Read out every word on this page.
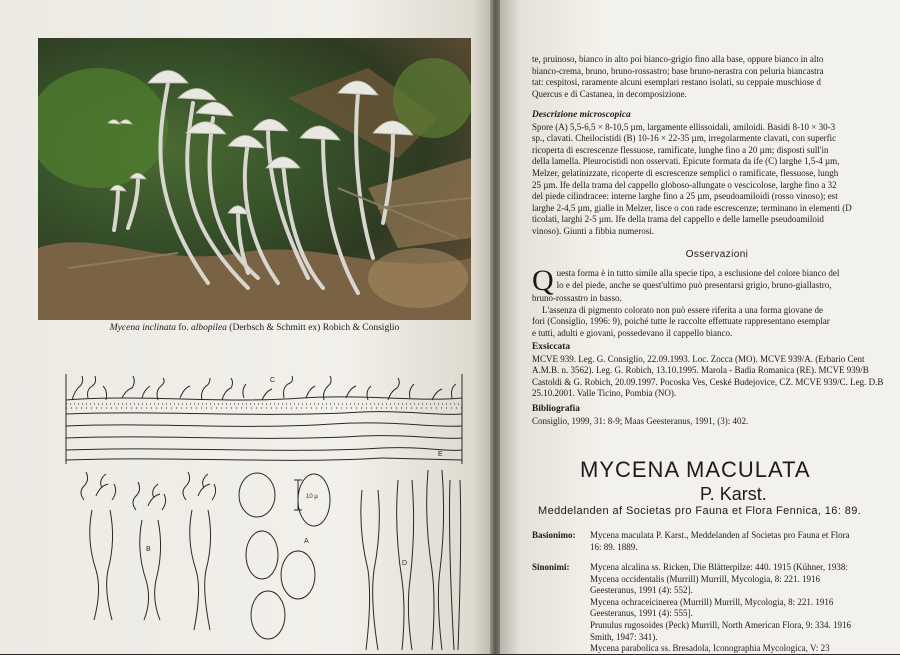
Mycena inclinata fo. albopilea (Derbsch & Schmitt ex) Robich & Consiglio
C
B
A
D
E
10 µ

te, pruinoso, bianco in alto poi bianco-grigio fino alla base, oppure bianco in alto

bianco-crema, bruno, bruno-rossastro; base bruno-nerastra con peluria biancastra

tat: cespitosi, raramente alcuni esemplari restano isolati, su ceppaie muschiose d

Quercus e di Castanea, in decomposizione.

Descrizione microscopica

Spore (A) 5,5-6,5 × 8-10,5 µm, largamente ellissoidali, amiloidi. Basidi 8-10 × 30-3

sp., clavati. Cheilocistidi (B) 10-16 × 22-35 µm, irregolarmente clavati, con superfic

ricoperta di escrescenze flessuose, ramificate, lunghe fino a 20 µm; disposti sull'in

della lamella. Pleurocistidi non osservati. Epicute formata da ife (C) larghe 1,5-4 µm,

Melzer, gelatinizzate, ricoperte di escrescenze semplici o ramificate, flessuose, lungh

25 µm. Ife della trama del cappello globoso-allungate o vescicolose, larghe fino a 32

del piede cilindracee: interne larghe fino a 25 µm, pseudoamiloidi (rosso vinoso); est

larghe 2-4,5 µm, gialle in Melzer, lisce o con rade escrescenze; terminano in elementi (D

ticolati, larghi 2-5 µm. Ife della trama del cappello e delle lamelle pseudoamiloid

vinoso). Giunti a fibbia numerosi.

Osservazioni
Q uesta forma è in tutto simile alla specie tipo, a esclusione del colore bianco del

lo e del piede, anche se quest'ultimo può presentarsi grigio, bruno-giallastro,

bruno-rossastro in basso.

L'assenza di pigmento colorato non può essere riferita a una forma giovane de

fori (Consiglio, 1996: 9), poiché tutte le raccolte effettuate rappresentano esemplar

e tutti, adulti e giovani, possedevano il cappello bianco.

Exsiccata

MCVE 939. Leg. G. Consiglio, 22.09.1993. Loc. Zocca (MO). MCVE 939/A. (Erbario Cent

A.M.B. n. 3562). Leg. G. Robich, 13.10.1995. Marola - Badia Romanica (RE). MCVE 939/B

Castoldi & G. Robich, 20.09.1997. Pocoska Ves, Ceské Budejovice, CZ. MCVE 939/C. Leg. D.B

25.10.2001. Valle Ticino, Pombia (NO).

Bibliografia

Consiglio, 1999, 31: 8-9; Maas Geesteranus, 1991, (3): 402.

MYCENA MACULATA
P. Karst.
Meddelanden af Societas pro Fauna et Flora Fennica, 16: 89.
Basionimo: Mycena maculata P. Karst., Meddelanden af Societas pro Fauna et Flora

16: 89. 1889.

Sinonimi: Mycena alcalina ss. Ricken, Die Blätterpilze: 440. 1915 (Kühner, 1938:

Mycena occidentalis (Murrill) Murrill, Mycologia, 8: 221. 1916

Geesteranus, 1991 (4): 552].

Mycena ochraceicinerea (Murrill) Murrill, Mycologia, 8: 221. 1916

Geesteranus, 1991 (4): 555].

Prunulus rugosoides (Peck) Murrill, North American Flora, 9: 334. 1916

Smith, 1947: 341).

Mycena parabolica ss. Bresadola, Iconographia Mycologica, V: 23
